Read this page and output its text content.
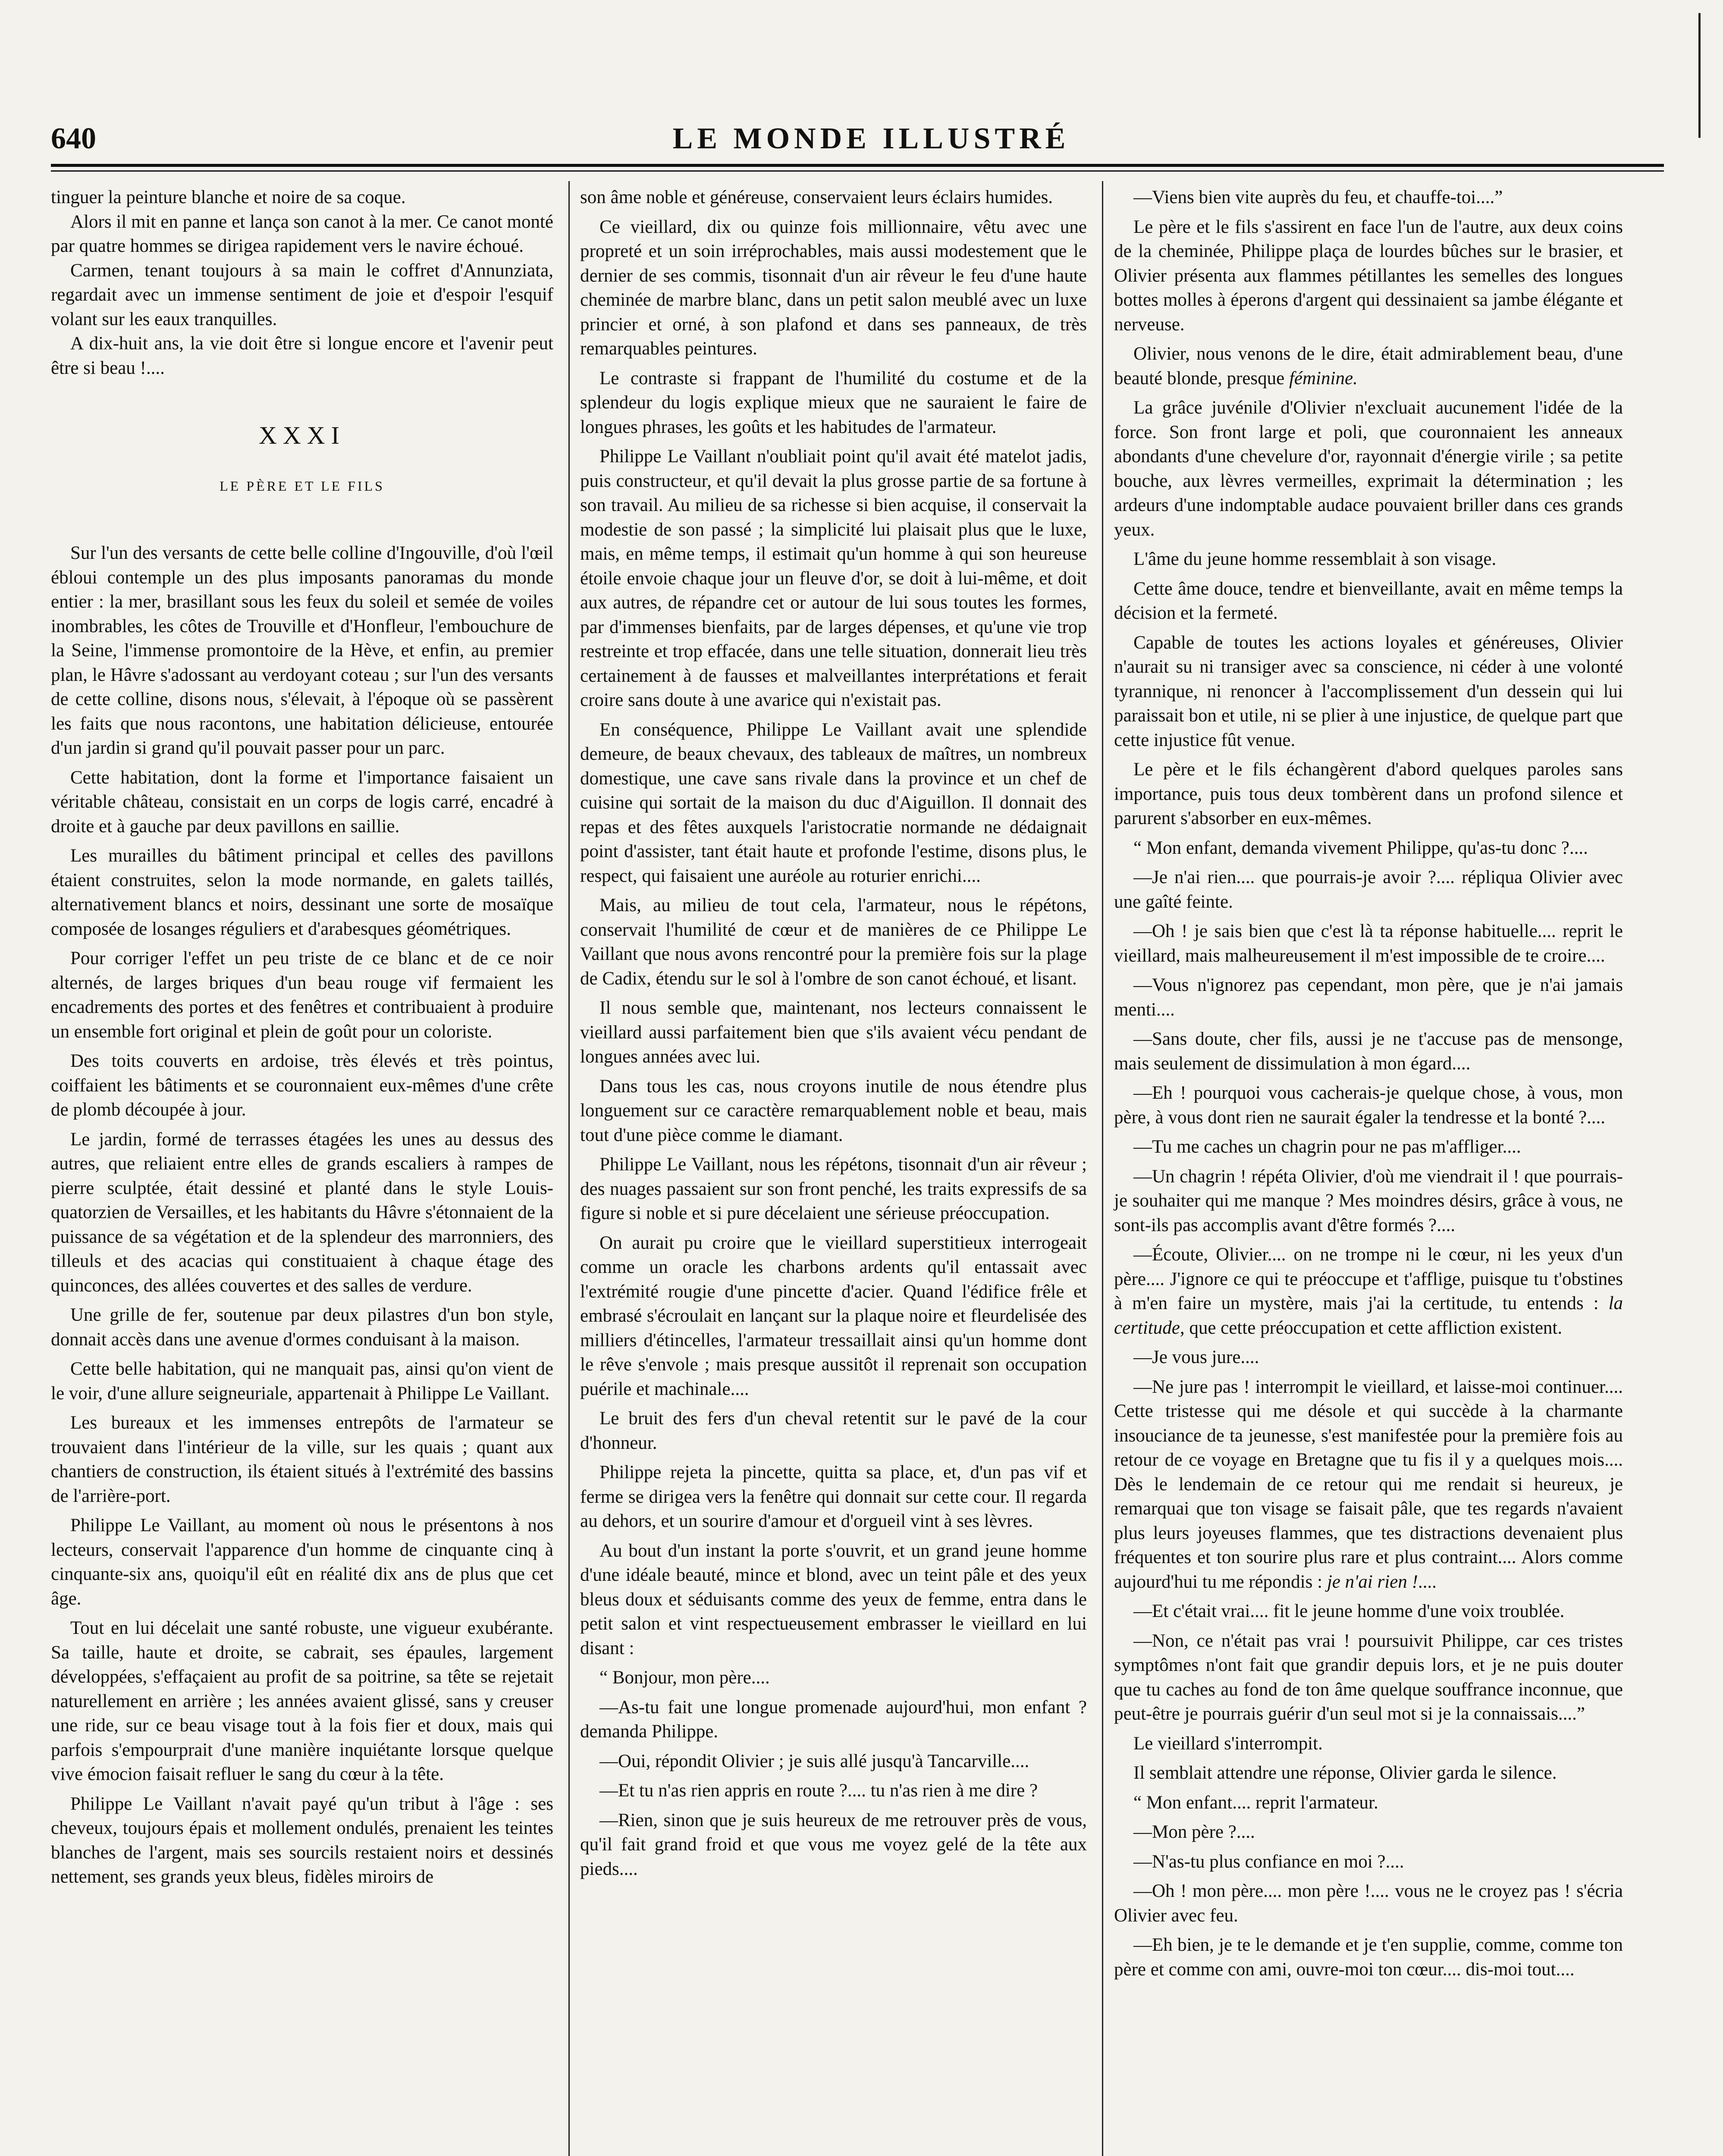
640	LE MONDE ILLUSTRÉ

tinguer la peinture blanche et noire de sa coque.

Alors il mit en panne et lança son canot à la mer. Ce canot monté par quatre hommes se dirigea rapidement vers le navire échoué.

Carmen, tenant toujours à sa main le coffret d'Annunziata, regardait avec un immense sentiment de joie et d'espoir l'esquif volant sur les eaux tranquilles.

A dix-huit ans, la vie doit être si longue encore et l'avenir peut être si beau !....

XXXI
LE PÈRE ET LE FILS

Sur l'un des versants de cette belle colline d'Ingouville, d'où l'œil ébloui contemple un des plus imposants panoramas du monde entier : la mer, brasillant sous les feux du soleil et semée de voiles inombrables, les côtes de Trouville et d'Honfleur, l'embouchure de la Seine, l'immense promontoire de la Hève, et enfin, au premier plan, le Hâvre s'adossant au verdoyant coteau ; sur l'un des versants de cette colline, disons nous, s'élevait, à l'époque où se passèrent les faits que nous racontons, une habitation délicieuse, entourée d'un jardin si grand qu'il pouvait passer pour un parc.

Cette habitation, dont la forme et l'importance faisaient un véritable château, consistait en un corps de logis carré, encadré à droite et à gauche par deux pavillons en saillie.

Les murailles du bâtiment principal et celles des pavillons étaient construites, selon la mode normande, en galets taillés, alternativement blancs et noirs, dessinant une sorte de mosaïque composée de losanges réguliers et d'arabesques géométriques.

Pour corriger l'effet un peu triste de ce blanc et de ce noir alternés, de larges briques d'un beau rouge vif fermaient les encadrements des portes et des fenêtres et contribuaient à produire un ensemble fort original et plein de goût pour un coloriste.

Des toits couverts en ardoise, très élevés et très pointus, coiffaient les bâtiments et se couronnaient eux-mêmes d'une crête de plomb découpée à jour.

Le jardin, formé de terrasses étagées les unes au dessus des autres, que reliaient entre elles de grands escaliers à rampes de pierre sculptée, était dessiné et planté dans le style Louis-quatorzien de Versailles, et les habitants du Hâvre s'étonnaient de la puissance de sa végétation et de la splendeur des marronniers, des tilleuls et des acacias qui constituaient à chaque étage des quinconces, des allées couvertes et des salles de verdure.

Une grille de fer, soutenue par deux pilastres d'un bon style, donnait accès dans une avenue d'ormes conduisant à la maison.

Cette belle habitation, qui ne manquait pas, ainsi qu'on vient de le voir, d'une allure seigneuriale, appartenait à Philippe Le Vaillant.

Les bureaux et les immenses entrepôts de l'armateur se trouvaient dans l'intérieur de la ville, sur les quais ; quant aux chantiers de construction, ils étaient situés à l'extrémité des bassins de l'arrière-port.

Philippe Le Vaillant, au moment où nous le présentons à nos lecteurs, conservait l'apparence d'un homme de cinquante cinq à cinquante-six ans, quoiqu'il eût en réalité dix ans de plus que cet âge.

Tout en lui décelait une santé robuste, une vigueur exubérante. Sa taille, haute et droite, se cabrait, ses épaules, largement développées, s'effaçaient au profit de sa poitrine, sa tête se rejetait naturellement en arrière ; les années avaient glissé, sans y creuser une ride, sur ce beau visage tout à la fois fier et doux, mais qui parfois s'empourprait d'une manière inquiétante lorsque quelque vive émocion faisait refluer le sang du cœur à la tête.

Philippe Le Vaillant n'avait payé qu'un tribut à l'âge : ses cheveux, toujours épais et mollement ondulés, prenaient les teintes blanches de l'argent, mais ses sourcils restaient noirs et dessinés nettement, ses grands yeux bleus, fidèles miroirs de

son âme noble et généreuse, conservaient leurs éclairs humides.

Ce vieillard, dix ou quinze fois millionnaire, vêtu avec une propreté et un soin irréprochables, mais aussi modestement que le dernier de ses commis, tisonnait d'un air rêveur le feu d'une haute cheminée de marbre blanc, dans un petit salon meublé avec un luxe princier et orné, à son plafond et dans ses panneaux, de très remarquables peintures.

Le contraste si frappant de l'humilité du costume et de la splendeur du logis explique mieux que ne sauraient le faire de longues phrases, les goûts et les habitudes de l'armateur.

Philippe Le Vaillant n'oubliait point qu'il avait été matelot jadis, puis constructeur, et qu'il devait la plus grosse partie de sa fortune à son travail. Au milieu de sa richesse si bien acquise, il conservait la modestie de son passé ; la simplicité lui plaisait plus que le luxe, mais, en même temps, il estimait qu'un homme à qui son heureuse étoile envoie chaque jour un fleuve d'or, se doit à lui-même, et doit aux autres, de répandre cet or autour de lui sous toutes les formes, par d'immenses bienfaits, par de larges dépenses, et qu'une vie trop restreinte et trop effacée, dans une telle situation, donnerait lieu très certainement à de fausses et malveillantes interprétations et ferait croire sans doute à une avarice qui n'existait pas.

En conséquence, Philippe Le Vaillant avait une splendide demeure, de beaux chevaux, des tableaux de maîtres, un nombreux domestique, une cave sans rivale dans la province et un chef de cuisine qui sortait de la maison du duc d'Aiguillon. Il donnait des repas et des fêtes auxquels l'aristocratie normande ne dédaignait point d'assister, tant était haute et profonde l'estime, disons plus, le respect, qui faisaient une auréole au roturier enrichi....

Mais, au milieu de tout cela, l'armateur, nous le répétons, conservait l'humilité de cœur et de manières de ce Philippe Le Vaillant que nous avons rencontré pour la première fois sur la plage de Cadix, étendu sur le sol à l'ombre de son canot échoué, et lisant.

Il nous semble que, maintenant, nos lecteurs connaissent le vieillard aussi parfaitement bien que s'ils avaient vécu pendant de longues années avec lui.

Dans tous les cas, nous croyons inutile de nous étendre plus longuement sur ce caractère remarquablement noble et beau, mais tout d'une pièce comme le diamant.

Philippe Le Vaillant, nous les répétons, tisonnait d'un air rêveur ; des nuages passaient sur son front penché, les traits expressifs de sa figure si noble et si pure décelaient une sérieuse préoccupation.

On aurait pu croire que le vieillard superstitieux interrogeait comme un oracle les charbons ardents qu'il entassait avec l'extrémité rougie d'une pincette d'acier. Quand l'édifice frêle et embrasé s'écroulait en lançant sur la plaque noire et fleurdelisée des milliers d'étincelles, l'armateur tressaillait ainsi qu'un homme dont le rêve s'envole ; mais presque aussitôt il reprenait son occupation puérile et machinale....

Le bruit des fers d'un cheval retentit sur le pavé de la cour d'honneur.

Philippe rejeta la pincette, quitta sa place, et, d'un pas vif et ferme se dirigea vers la fenêtre qui donnait sur cette cour. Il regarda au dehors, et un sourire d'amour et d'orgueil vint à ses lèvres.

Au bout d'un instant la porte s'ouvrit, et un grand jeune homme d'une idéale beauté, mince et blond, avec un teint pâle et des yeux bleus doux et séduisants comme des yeux de femme, entra dans le petit salon et vint respectueusement embrasser le vieillard en lui disant :

“ Bonjour, mon père....

—As-tu fait une longue promenade aujourd'hui, mon enfant ? demanda Philippe.

—Oui, répondit Olivier ; je suis allé jusqu'à Tancarville....

—Et tu n'as rien appris en route ?.... tu n'as rien à me dire ?

—Rien, sinon que je suis heureux de me retrouver près de vous, qu'il fait grand froid et que vous me voyez gelé de la tête aux pieds....

—Viens bien vite auprès du feu, et chauffe-toi....”

Le père et le fils s'assirent en face l'un de l'autre, aux deux coins de la cheminée, Philippe plaça de lourdes bûches sur le brasier, et Olivier présenta aux flammes pétillantes les semelles des longues bottes molles à éperons d'argent qui dessinaient sa jambe élégante et nerveuse.

Olivier, nous venons de le dire, était admirablement beau, d'une beauté blonde, presque féminine.

La grâce juvénile d'Olivier n'excluait aucunement l'idée de la force. Son front large et poli, que couronnaient les anneaux abondants d'une chevelure d'or, rayonnait d'énergie virile ; sa petite bouche, aux lèvres vermeilles, exprimait la détermination ; les ardeurs d'une indomptable audace pouvaient briller dans ces grands yeux.

L'âme du jeune homme ressemblait à son visage.

Cette âme douce, tendre et bienveillante, avait en même temps la décision et la fermeté.

Capable de toutes les actions loyales et généreuses, Olivier n'aurait su ni transiger avec sa conscience, ni céder à une volonté tyrannique, ni renoncer à l'accomplissement d'un dessein qui lui paraissait bon et utile, ni se plier à une injustice, de quelque part que cette injustice fût venue.

Le père et le fils échangèrent d'abord quelques paroles sans importance, puis tous deux tombèrent dans un profond silence et parurent s'absorber en eux-mêmes.

“ Mon enfant, demanda vivement Philippe, qu'as-tu donc ?....

—Je n'ai rien.... que pourrais-je avoir ?.... répliqua Olivier avec une gaîté feinte.

—Oh ! je sais bien que c'est là ta réponse habituelle.... reprit le vieillard, mais malheureusement il m'est impossible de te croire....

—Vous n'ignorez pas cependant, mon père, que je n'ai jamais menti....

—Sans doute, cher fils, aussi je ne t'accuse pas de mensonge, mais seulement de dissimulation à mon égard....

—Eh ! pourquoi vous cacherais-je quelque chose, à vous, mon père, à vous dont rien ne saurait égaler la tendresse et la bonté ?....

—Tu me caches un chagrin pour ne pas m'affliger....

—Un chagrin ! répéta Olivier, d'où me viendrait il ! que pourrais-je souhaiter qui me manque ? Mes moindres désirs, grâce à vous, ne sont-ils pas accomplis avant d'être formés ?....

—Écoute, Olivier.... on ne trompe ni le cœur, ni les yeux d'un père.... J'ignore ce qui te préoccupe et t'afflige, puisque tu t'obstines à m'en faire un mystère, mais j'ai la certitude, tu entends : la certitude, que cette préoccupation et cette affliction existent.

—Je vous jure....

—Ne jure pas ! interrompit le vieillard, et laisse-moi continuer.... Cette tristesse qui me désole et qui succède à la charmante insouciance de ta jeunesse, s'est manifestée pour la première fois au retour de ce voyage en Bretagne que tu fis il y a quelques mois.... Dès le lendemain de ce retour qui me rendait si heureux, je remarquai que ton visage se faisait pâle, que tes regards n'avaient plus leurs joyeuses flammes, que tes distractions devenaient plus fréquentes et ton sourire plus rare et plus contraint.... Alors comme aujourd'hui tu me répondis : je n'ai rien !....

—Et c'était vrai.... fit le jeune homme d'une voix troublée.

—Non, ce n'était pas vrai ! poursuivit Philippe, car ces tristes symptômes n'ont fait que grandir depuis lors, et je ne puis douter que tu caches au fond de ton âme quelque souffrance inconnue, que peut-être je pourrais guérir d'un seul mot si je la connaissais....”

Le vieillard s'interrompit.

Il semblait attendre une réponse, Olivier garda le silence.

“ Mon enfant.... reprit l'armateur.

—Mon père ?....

—N'as-tu plus confiance en moi ?....

—Oh ! mon père.... mon père !.... vous ne le croyez pas ! s'écria Olivier avec feu.

—Eh bien, je te le demande et je t'en supplie, comme, comme ton père et comme con ami, ouvre-moi ton cœur.... dis-moi tout....
